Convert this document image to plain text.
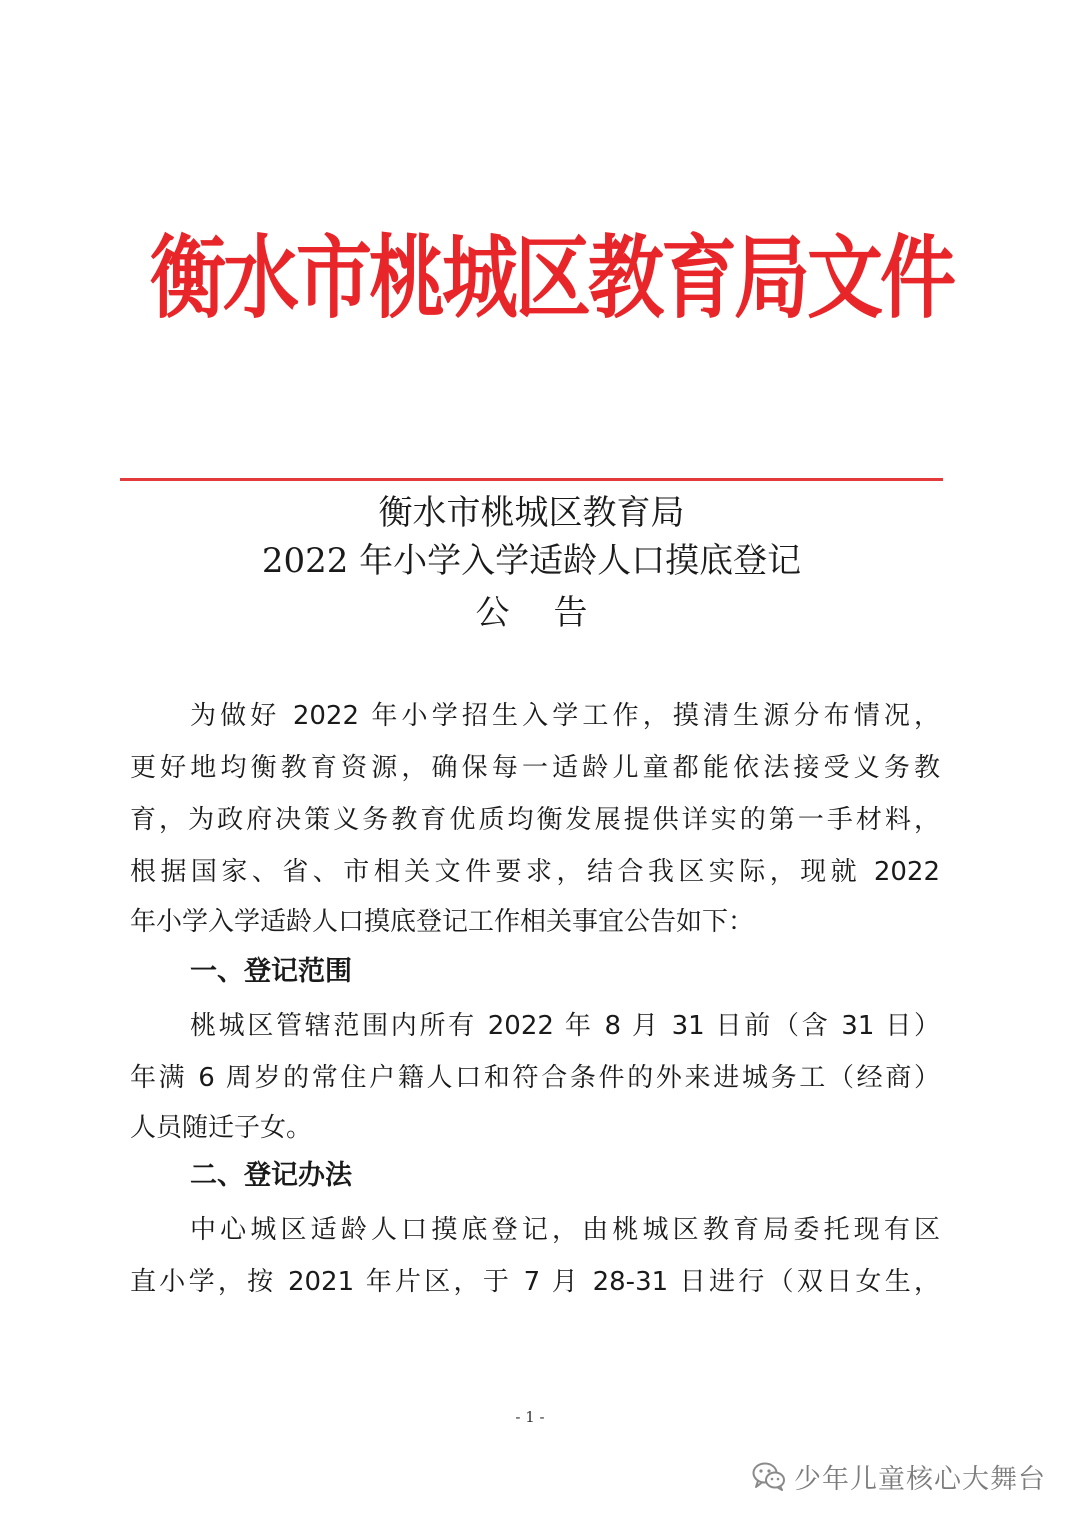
衡水市桃城区教育局文件
衡水市桃城区教育局
2022 年小学入学适龄人口摸底登记
公告
为做好 2022 年小学招生入学工作，摸清生源分布情况，
更好地均衡教育资源，确保每一适龄儿童都能依法接受义务教
育，为政府决策义务教育优质均衡发展提供详实的第一手材料，
根据国家、省、市相关文件要求，结合我区实际，现就 2022
年小学入学适龄人口摸底登记工作相关事宜公告如下：
一、登记范围
桃城区管辖范围内所有 2022 年 8 月 31 日前（含 31 日）
年满 6 周岁的常住户籍人口和符合条件的外来进城务工（经商）
人员随迁子女。
二、登记办法
中心城区适龄人口摸底登记，由桃城区教育局委托现有区
直小学，按 2021 年片区，于 7 月 28-31 日进行（双日女生，
- 1 -
少年儿童核心大舞台
